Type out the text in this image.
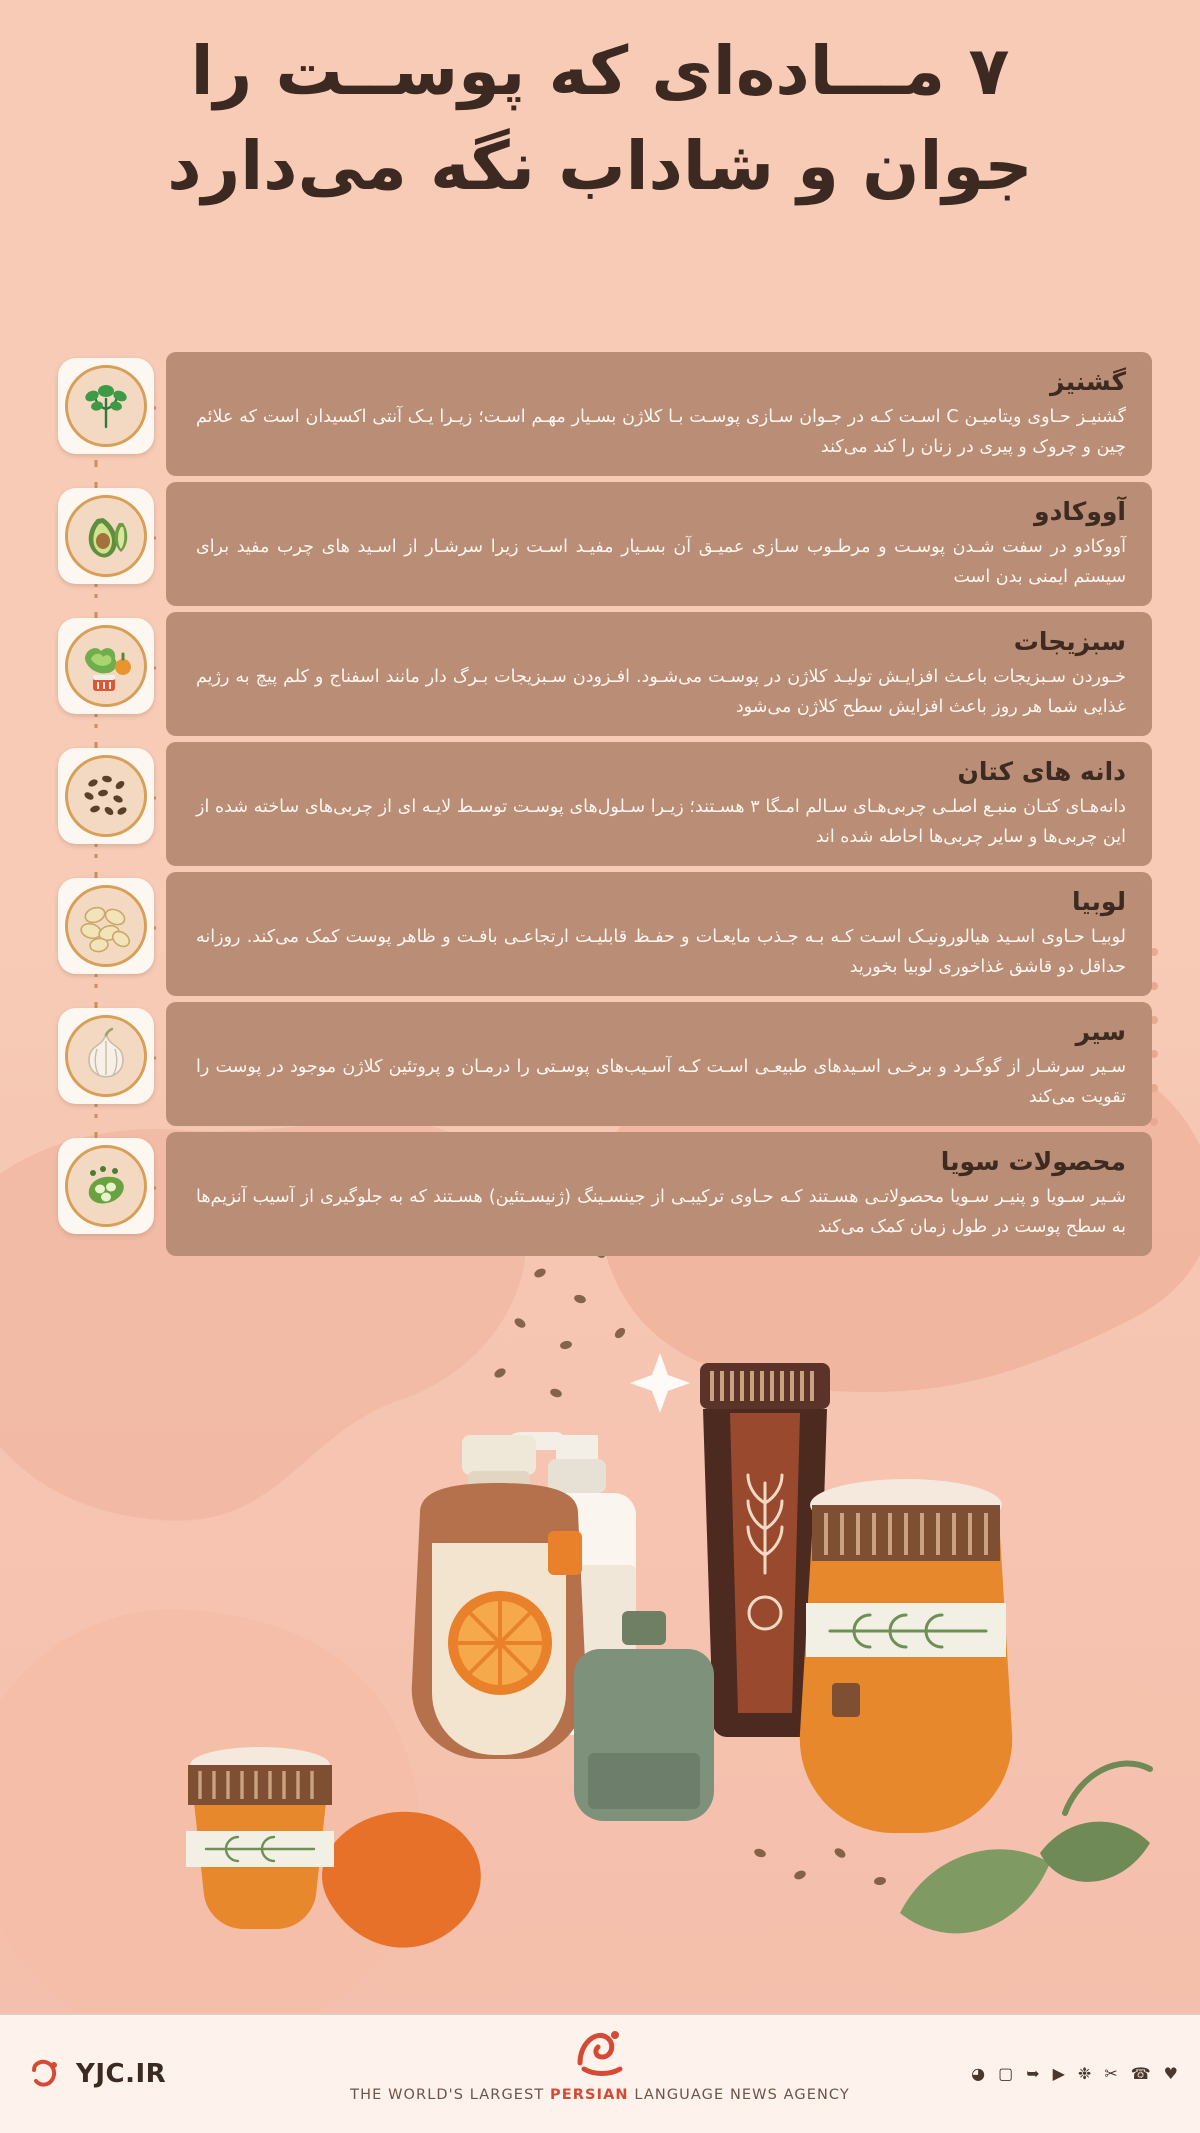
۷ مـــاده‌ای که پوســت را
جوان و شاداب نگه می‌دارد
گشنیز
گشنیـز حـاوی ویتامیـن C اسـت کـه در جـوان سـازی پوسـت بـا کلاژن بسـیار مهـم اسـت؛ زیـرا یـک آنتی اکسیدان است که علائم چین و چروک و پیری در زنان را کند می‌کند
آووکادو
آووکادو در سفت شـدن پوسـت و مرطـوب سـازی عمیـق آن بسـیار مفیـد اسـت زیرا سرشـار از اسـید های چرب مفید برای سیستم ایمنی بدن است
سبزیجات
خـوردن سـبزیجات باعـث افزایـش تولیـد کلاژن در پوسـت می‌شـود. افـزودن سـبزیجات بـرگ دار مانند اسفناج و کلم پیچ به رژیم غذایی شما هر روز باعث افزایش سطح کلاژن می‌شود
دانه های کتان
دانه‌هـای کتـان منبـع اصلـی چربی‌هـای سـالم امـگا ۳ هسـتند؛ زیـرا سـلول‌های پوسـت توسـط لایـه ای از چربی‌های ساخته شده از این چربی‌ها و سایر چربی‌ها احاطه شده اند
لوبیا
لوبیـا حـاوی اسـید هیالورونیـک اسـت کـه بـه جـذب مایعـات و حفـظ قابلیـت ارتجاعـی بافـت و ظاهر پوست کمک می‌کند. روزانه حداقل دو قاشق غذاخوری لوبیا بخورید
سیر
سـیر سرشـار از گوگـرد و برخـی اسـیدهای طبیعـی اسـت کـه آسـیب‌های پوسـتی را درمـان و پروتئین کلاژن موجود در پوست را تقویت می‌کند
محصولات سویا
شـیر سـویا و پنیـر سـویا محصولاتـی هسـتند کـه حـاوی ترکیبـی از جینسـینگ (ژنیسـتئین) هسـتند که به جلوگیری از آسیب آنزیم‌ها به سطح پوست در طول زمان کمک می‌کند
YJC.IR
THE WORLD'S LARGEST PERSIAN LANGUAGE NEWS AGENCY
◕ ▢ ➥ ▶ ❉ ✂ ☎ ♥
